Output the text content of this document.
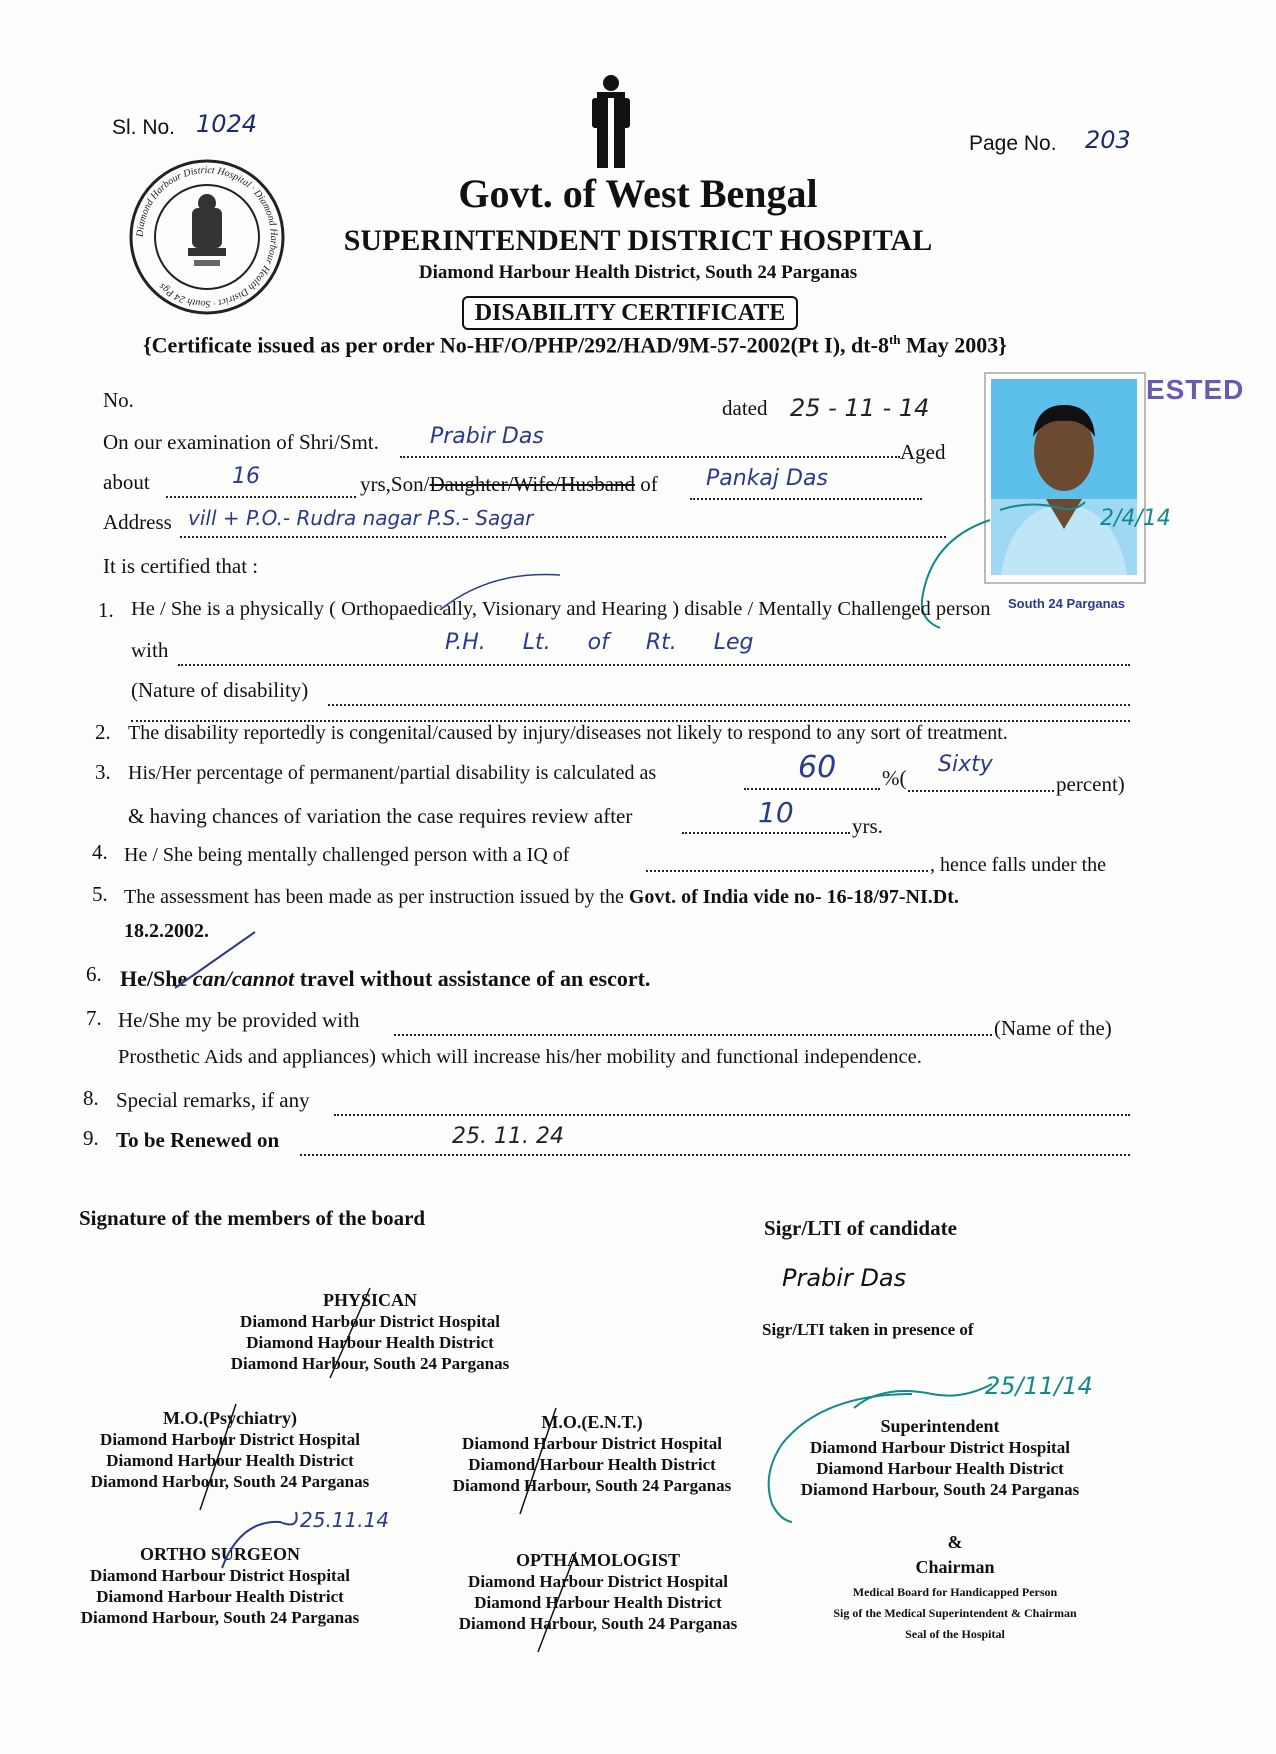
Sl. No. 1024
Page No. 203
Diamond Harbour District Hospital · Diamond Harbour Health District · South 24 Pgs
Govt. of West Bengal
SUPERINTENDENT DISTRICT HOSPITAL
Diamond Harbour Health District, South 24 Parganas
DISABILITY CERTIFICATE
{Certificate issued as per order No-HF/O/PHP/292/HAD/9M-57-2002(Pt I), dt-8th May 2003}
ESTED
South 24 Parganas
2/4/14
No.	dated 25 - 11 - 14
On our examination of Shri/Smt. Prabir Das
Aged
about	16	yrs,Son/Daughter/Wife/Husband of Pankaj Das
Address vill + P.O.- Rudra nagar P.S.- Sagar
It is certified that :
1. He / She is a physically ( Orthopaedically, Visionary and Hearing ) disable / Mentally Challenged person
with	P.H. Lt. of Rt. Leg
(Nature of disability)
2. The disability reportedly is congenital/caused by injury/diseases not likely to respond to any sort of treatment.
3. His/Her percentage of permanent/partial disability is calculated as	60 %(
Sixty
percent)
& having chances of variation the case requires review after	10	yrs.
4. He / She being mentally challenged person with a IQ of	, hence falls under the
5. The assessment has been made as per instruction issued by the Govt. of India vide no- 16-18/97-NI.Dt.
18.2.2002.
6. He/She can/cannot travel without assistance of an escort.
7. He/She my be provided with	(Name of the)
Prosthetic Aids and appliances) which will increase his/her mobility and functional independence.
8. Special remarks, if any
9. To be Renewed on	25. 11. 24
Signature of the members of the board	Sigr/LTI of candidate
Prabir Das
Sigr/LTI taken in presence of
PHYSICAN
Diamond Harbour District Hospital
Diamond Harbour Health District
Diamond Harbour, South 24 Parganas
M.O.(Psychiatry)
Diamond Harbour District Hospital
Diamond Harbour Health District
Diamond Harbour, South 24 Parganas
M.O.(E.N.T.)
Diamond Harbour District Hospital
Diamond Harbour Health District
Diamond Harbour, South 24 Parganas
Superintendent
Diamond Harbour District Hospital
Diamond Harbour Health District
Diamond Harbour, South 24 Parganas
25/11/14
ORTHO SURGEON
Diamond Harbour District Hospital
Diamond Harbour Health District
Diamond Harbour, South 24 Parganas
25.11.14
OPTHAMOLOGIST
Diamond Harbour District Hospital
Diamond Harbour Health District
Diamond Harbour, South 24 Parganas
&
Chairman
Medical Board for Handicapped Person
Sig of the Medical Superintendent & Chairman
Seal of the Hospital
